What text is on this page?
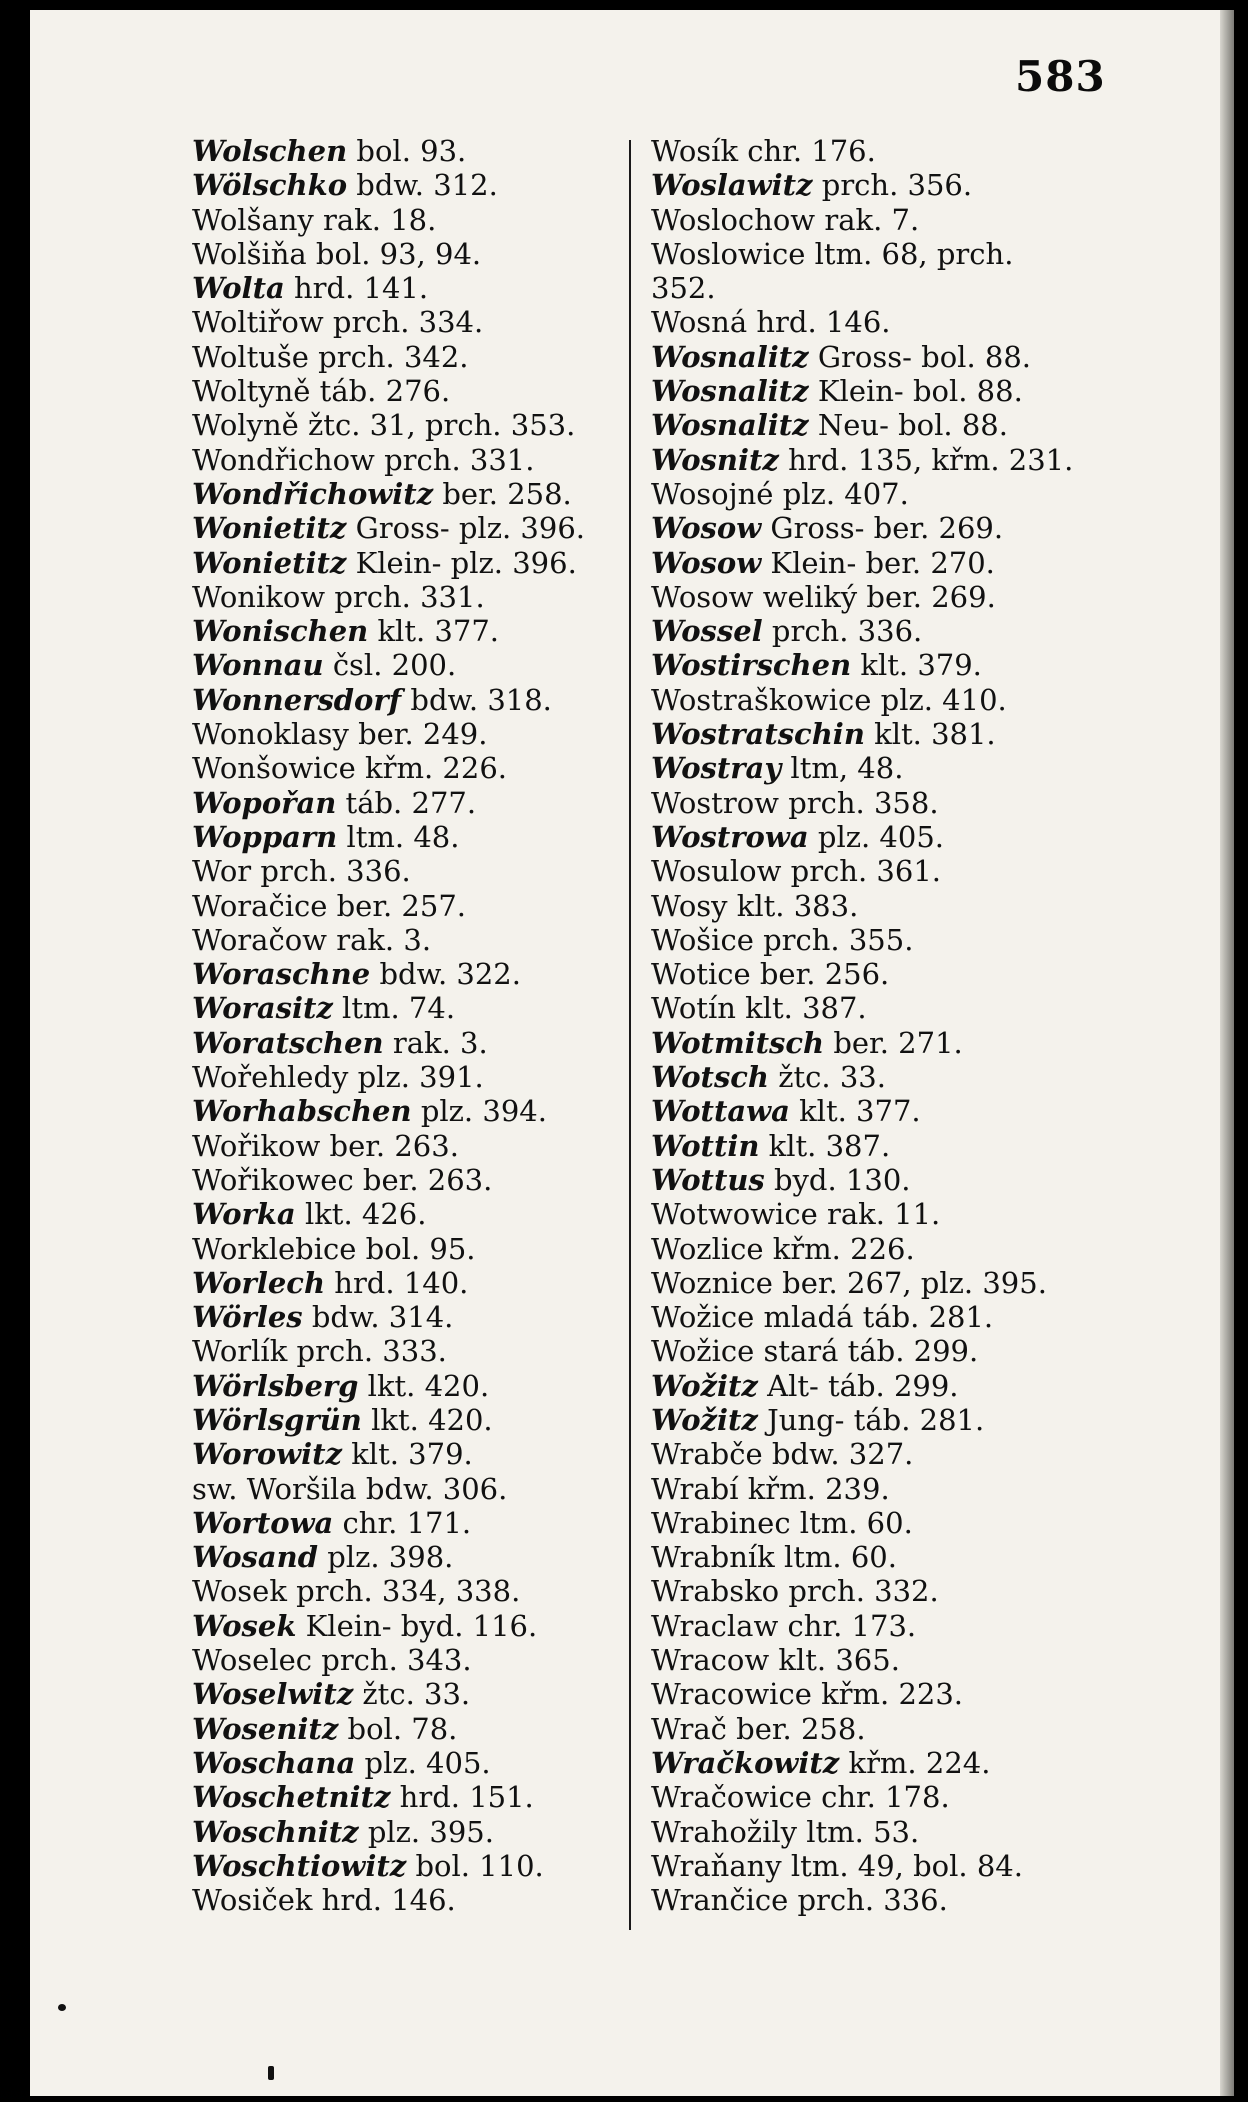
583
Wolschen bol. 93.
Wölschko bdw. 312.
Wolšany rak. 18.
Wolšiňa bol. 93, 94.
Wolta hrd. 141.
Woltiřow prch. 334.
Woltuše prch. 342.
Woltyně táb. 276.
Wolyně žtc. 31, prch. 353.
Wondřichow prch. 331.
Wondřichowitz ber. 258.
Wonietitz Gross- plz. 396.
Wonietitz Klein- plz. 396.
Wonikow prch. 331.
Wonischen klt. 377.
Wonnau čsl. 200.
Wonnersdorf bdw. 318.
Wonoklasy ber. 249.
Wonšowice křm. 226.
Wopořan táb. 277.
Wopparn ltm. 48.
Wor prch. 336.
Woračice ber. 257.
Woračow rak. 3.
Woraschne bdw. 322.
Worasitz ltm. 74.
Woratschen rak. 3.
Wořehledy plz. 391.
Worhabschen plz. 394.
Wořikow ber. 263.
Wořikowec ber. 263.
Worka lkt. 426.
Worklebice bol. 95.
Worlech hrd. 140.
Wörles bdw. 314.
Worlík prch. 333.
Wörlsberg lkt. 420.
Wörlsgrün lkt. 420.
Worowitz klt. 379.
sw. Woršila bdw. 306.
Wortowa chr. 171.
Wosand plz. 398.
Wosek prch. 334, 338.
Wosek Klein- byd. 116.
Woselec prch. 343.
Woselwitz žtc. 33.
Wosenitz bol. 78.
Woschana plz. 405.
Woschetnitz hrd. 151.
Woschnitz plz. 395.
Woschtiowitz bol. 110.
Wosiček hrd. 146.
Wosík chr. 176.
Woslawitz prch. 356.
Woslochow rak. 7.
Woslowice ltm. 68, prch. 352.
Wosná hrd. 146.
Wosnalitz Gross- bol. 88.
Wosnalitz Klein- bol. 88.
Wosnalitz Neu- bol. 88.
Wosnitz hrd. 135, křm. 231.
Wosojné plz. 407.
Wosow Gross- ber. 269.
Wosow Klein- ber. 270.
Wosow weliký ber. 269.
Wossel prch. 336.
Wostirschen klt. 379.
Wostraškowice plz. 410.
Wostratschin klt. 381.
Wostray ltm, 48.
Wostrow prch. 358.
Wostrowa plz. 405.
Wosulow prch. 361.
Wosy klt. 383.
Wošice prch. 355.
Wotice ber. 256.
Wotín klt. 387.
Wotmitsch ber. 271.
Wotsch žtc. 33.
Wottawa klt. 377.
Wottin klt. 387.
Wottus byd. 130.
Wotwowice rak. 11.
Wozlice křm. 226.
Woznice ber. 267, plz. 395.
Wožice mladá táb. 281.
Wožice stará táb. 299.
Wožitz Alt- táb. 299.
Wožitz Jung- táb. 281.
Wrabče bdw. 327.
Wrabí křm. 239.
Wrabinec ltm. 60.
Wrabník ltm. 60.
Wrabsko prch. 332.
Wraclaw chr. 173.
Wracow klt. 365.
Wracowice křm. 223.
Wrač ber. 258.
Wračkowitz křm. 224.
Wračowice chr. 178.
Wrahožily ltm. 53.
Wraňany ltm. 49, bol. 84.
Wrančice prch. 336.
